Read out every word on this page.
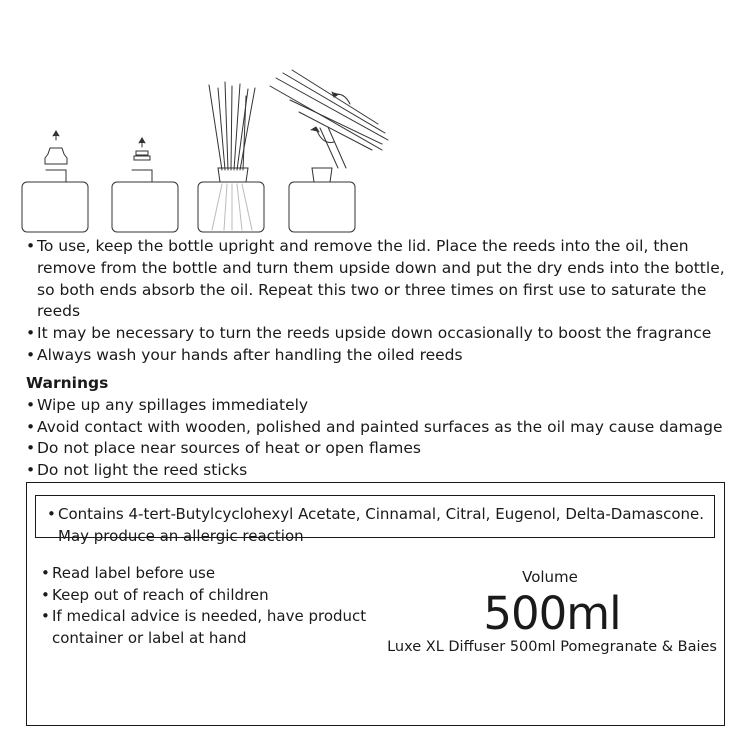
• To use, keep the bottle upright and remove the lid. Place the reeds into the oil, then remove from the bottle and turn them upside down and put the dry ends into the bottle, so both ends absorb the oil. Repeat this two or three times on first use to saturate the reeds
• It may be necessary to turn the reeds upside down occasionally to boost the fragrance
• Always wash your hands after handling the oiled reeds
Warnings
• Wipe up any spillages immediately
• Avoid contact with wooden, polished and painted surfaces as the oil may cause damage
• Do not place near sources of heat or open flames
• Do not light the reed sticks
• Contains 4-tert-Butylcyclohexyl Acetate, Cinnamal, Citral, Eugenol, Delta-Damascone. May produce an allergic reaction
• Read label before use
• Keep out of reach of children
• If medical advice is needed, have product container or label at hand
Volume
500ml
Luxe XL Diffuser 500ml Pomegranate & Baies
